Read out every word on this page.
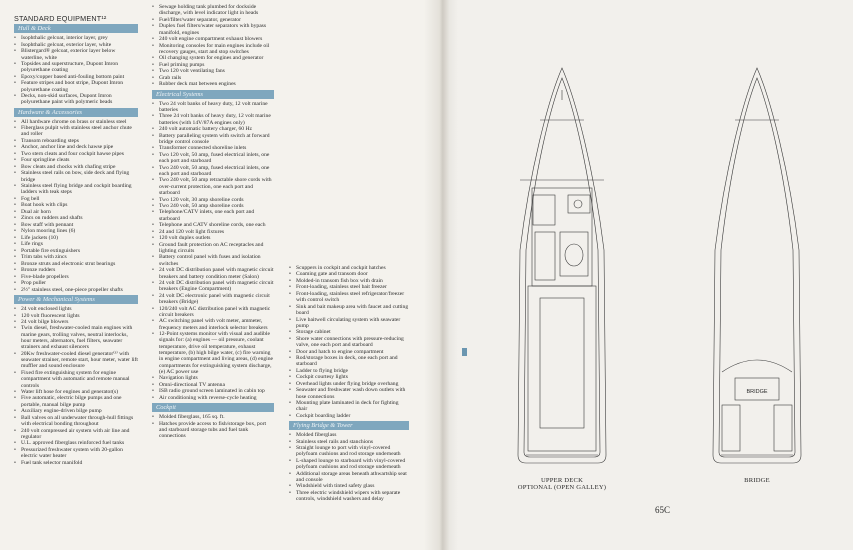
STANDARD EQUIPMENT¹²
Hull & Deck
• Isophthalic gelcoat, interior layer, grey
• Isophthalic gelcoat, exterior layer, white
• Blistergard® gelcoat, exterior layer below waterline, white
• Topsides and superstructure, Dupont Imron polyurethane coating
• Epoxy/copper based anti-fouling bottom paint
• Feature stripes and boot stripe, Dupont Imron polyurethane coating
• Decks, non-skid surfaces, Dupont Imron polyurethane paint with polymeric beads
Hardware & Accessories
• All hardware chrome on brass or stainless steel
• Fiberglass pulpit with stainless steel anchor chute and roller
• Transom reboarding steps
• Anchor, anchor line and deck hawse pipe
• Two stern cleats and four cockpit hawse pipes
• Four springline cleats
• Bow cleats and chocks with chafing stripe
• Stainless steel rails on bow, side deck and flying bridge
• Stainless steel flying bridge and cockpit boarding ladders with teak steps
• Fog bell
• Boat hook with clips
• Dual air horn
• Zincs on rudders and shafts
• Bow staff with pennant
• Nylon mooring lines (6)
• Life jackets (10)
• Life rings
• Portable fire extinguishers
• Trim tabs with zincs
• Bronze struts and electronic strut bearings
• Bronze rudders
• Five-blade propellers
• Prop puller
• 2½" stainless steel, one-piece propeller shafts
Power & Mechanical Systems
• 24 volt enclosed lights
• 120 volt fluorescent lights
• 24 volt bilge blowers
• Twin diesel, freshwater-cooled main engines with marine gears, trolling valves, neutral interlocks, hour meters, alternators, fuel filters, seawater strainers and exhaust silencers
• 20Kw freshwater-cooled diesel generator⁽³⁾ with seawater strainer, remote start, hour meter, water lift muffler and sound enclosure
• Fixed fire extinguishing system for engine compartment with automatic and remote manual controls
• Water lift hose for engines and generator(s)
• Five automatic, electric bilge pumps and one portable, manual bilge pump
• Auxiliary engine-driven bilge pump
• Ball valves on all underwater through-hull fittings with electrical bonding throughout
• 240 volt compressed air system with air line and regulator
• U.L. approved fiberglass reinforced fuel tanks
• Pressurized freshwater system with 20-gallon electric water heater
• Fuel tank selector manifold
• Sewage holding tank plumbed for dockside discharge, with level indicator light in heads
• Fuel/filter/water separator, generator
• Duplex fuel filters/water separators with bypass manifold, engines
• 240 volt engine compartment exhaust blowers
• Monitoring consoles for main engines include oil recovery gauges, start and stop switches
• Oil changing system for engines and generator
• Fuel priming pumps
• Two 120 volt ventilating fans
• Grab rails
• Rubber deck mat between engines
Electrical Systems
• Two 24 volt banks of heavy duty, 12 volt marine batteries
• Three 24 volt banks of heavy duty, 12 volt marine batteries (with 14V/87A engines only)
• 240 volt automatic battery charger, 60 Hz
• Battery paralleling system with switch at forward bridge control console
• Transformer connected shoreline inlets
• Two 120 volt, 50 amp, fused electrical inlets, one each port and starboard
• Two 240 volt, 50 amp, fused electrical inlets, one each port and starboard
• Two 240 volt, 50 amp retractable shore cords with over-current protection, one each port and starboard
• Two 120 volt, 30 amp shoreline cords
• Two 240 volt, 50 amp shoreline cords
• Telephone/CATV inlets, one each port and starboard
• Telephone and CATV shoreline cords, one each
• 24 and 120 volt light fixtures
• 120 volt duplex outlets
• Ground fault protection on AC receptacles and lighting circuits
• Battery control panel with fuses and isolation switches
• 24 volt DC distribution panel with magnetic circuit breakers and battery condition meter (Salon)
• 24 volt DC distribution panel with magnetic circuit breakers (Engine Compartment)
• 24 volt DC electronic panel with magnetic circuit breakers (Bridge)
• 120/240 volt AC distribution panel with magnetic circuit breakers
• AC switching panel with volt meter, ammeter, frequency meters and interlock selector breakers
• 12-Point systems monitor with visual and audible signals for: (a) engines — oil pressure, coolant temperature, drive oil temperature, exhaust temperature, (b) high bilge water, (c) fire warning in engine compartment and living areas, (d) engine compartments for extinguishing system discharge, (e) AC power use
• Navigation lights
• Omni-directional TV antenna
• ISB radio ground screen laminated in cabin top
• Air conditioning with reverse-cycle heating
Cockpit
• Molded fiberglass, 165 sq. ft.
• Hatches provide access to fish/storage box, port and starboard storage tubs and fuel tank connections
• Scuppers in cockpit and cockpit hatches
• Coaming gate and transom door
• Molded-in transom fish box with drain
• Front-loading, stainless steel bait freezer
• Front-loading, stainless steel refrigerator/freezer with control switch
• Sink and bait makeup area with faucet and cutting board
• Live baitwell circulating system with seawater pump
• Storage cabinet
• Shore water connections with pressure-reducing valve, one each port and starboard
• Door and hatch to engine compartment
• Rod/storage boxes in deck, one each port and starboard
• Ladder to flying bridge
• Cockpit courtesy lights
• Overhead lights under flying bridge overhang
• Seawater and freshwater wash down outlets with hose connections
• Mounting plate laminated in deck for fighting chair
• Cockpit boarding ladder
Flying Bridge & Tower
• Molded fiberglass
• Stainless steel rails and stanchions
• Straight lounge to port with vinyl-covered polyfoam cushions and rod storage underneath
• L-shaped lounge to starboard with vinyl-covered polyfoam cushions and rod storage underneath
• Additional storage areas beneath athwartship seat and console
• Windshield with tinted safety glass
• Three electric windshield wipers with separate controls, windshield washers and delay
BRIDGE
UPPER DECK
OPTIONAL (OPEN GALLEY)
BRIDGE
65C
